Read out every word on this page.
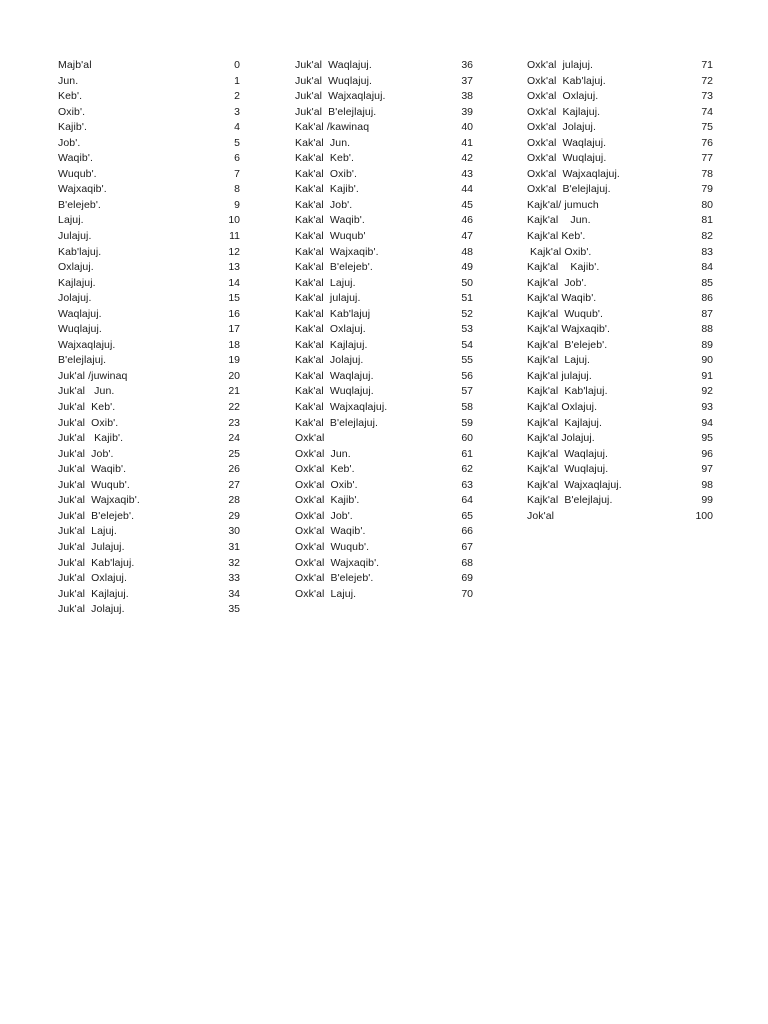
Majb'al	0
Jun.	1
Keb'.	2
Oxib'.	3
Kajib'.	4
Job'.	5
Waqib'.	6
Wuqub'.	7
Wajxaqib'.	8
B'elejeb'.	9
Lajuj.	10
Julajuj.	11
Kab'lajuj.	12
Oxlajuj.	13
Kajlajuj.	14
Jolajuj.	15
Waqlajuj.	16
Wuqlajuj.	17
Wajxaqlajuj.	18
B'elejlajuj.	19
Juk'al /juwinaq	20
Juk'al   Jun.	21
Juk'al  Keb'.	22
Juk'al  Oxib'.	23
Juk'al   Kajib'.	24
Juk'al  Job'.	25
Juk'al  Waqib'.	26
Juk'al  Wuqub'.	27
Juk'al  Wajxaqib'.	28
Juk'al  B'elejeb'.	29
Juk'al  Lajuj.	30
Juk'al  Julajuj.	31
Juk'al  Kab'lajuj.	32
Juk'al  Oxlajuj.	33
Juk'al  Kajlajuj.	34
Juk'al  Jolajuj.	35
Juk'al  Waqlajuj.	36
Juk'al  Wuqlajuj.	37
Juk'al  Wajxaqlajuj.	38
Juk'al  B'elejlajuj.	39
Kak'al /kawinaq	40
Kak'al  Jun.	41
Kak'al  Keb'.	42
Kak'al  Oxib'.	43
Kak'al  Kajib'.	44
Kak'al  Job'.	45
Kak'al  Waqib'.	46
Kak'al  Wuqub'	47
Kak'al  Wajxaqib'.	48
Kak'al  B'elejeb'.	49
Kak'al  Lajuj.	50
Kak'al  julajuj.	51
Kak'al  Kab'lajuj	52
Kak'al  Oxlajuj.	53
Kak'al  Kajlajuj.	54
Kak'al  Jolajuj.	55
Kak'al  Waqlajuj.	56
Kak'al  Wuqlajuj.	57
Kak'al  Wajxaqlajuj.	58
Kak'al  B'elejlajuj.	59
Oxk'al	60
Oxk'al  Jun.	61
Oxk'al  Keb'.	62
Oxk'al  Oxib'.	63
Oxk'al  Kajib'.	64
Oxk'al  Job'.	65
Oxk'al  Waqib'.	66
Oxk'al  Wuqub'.	67
Oxk'al  Wajxaqib'.	68
Oxk'al  B'elejeb'.	69
Oxk'al  Lajuj.	70
Oxk'al  julajuj.	71
Oxk'al  Kab'lajuj.	72
Oxk'al  Oxlajuj.	73
Oxk'al  Kajlajuj.	74
Oxk'al  Jolajuj.	75
Oxk'al  Waqlajuj.	76
Oxk'al  Wuqlajuj.	77
Oxk'al  Wajxaqlajuj.	78
Oxk'al  B'elejlajuj.	79
Kajk'al/ jumuch	80
Kajk'al    Jun.	81
Kajk'al Keb'.	82
Kajk'al Oxib'.	83
Kajk'al    Kajib'.	84
Kajk'al  Job'.	85
Kajk'al Waqib'.	86
Kajk'al  Wuqub'.	87
Kajk'al Wajxaqib'.	88
Kajk'al  B'elejeb'.	89
Kajk'al  Lajuj.	90
Kajk'al julajuj.	91
Kajk'al  Kab'lajuj.	92
Kajk'al Oxlajuj.	93
Kajk'al  Kajlajuj.	94
Kajk'al Jolajuj.	95
Kajk'al  Waqlajuj.	96
Kajk'al  Wuqlajuj.	97
Kajk'al  Wajxaqlajuj.	98
Kajk'al  B'elejlajuj.	99
Jok'al	100
